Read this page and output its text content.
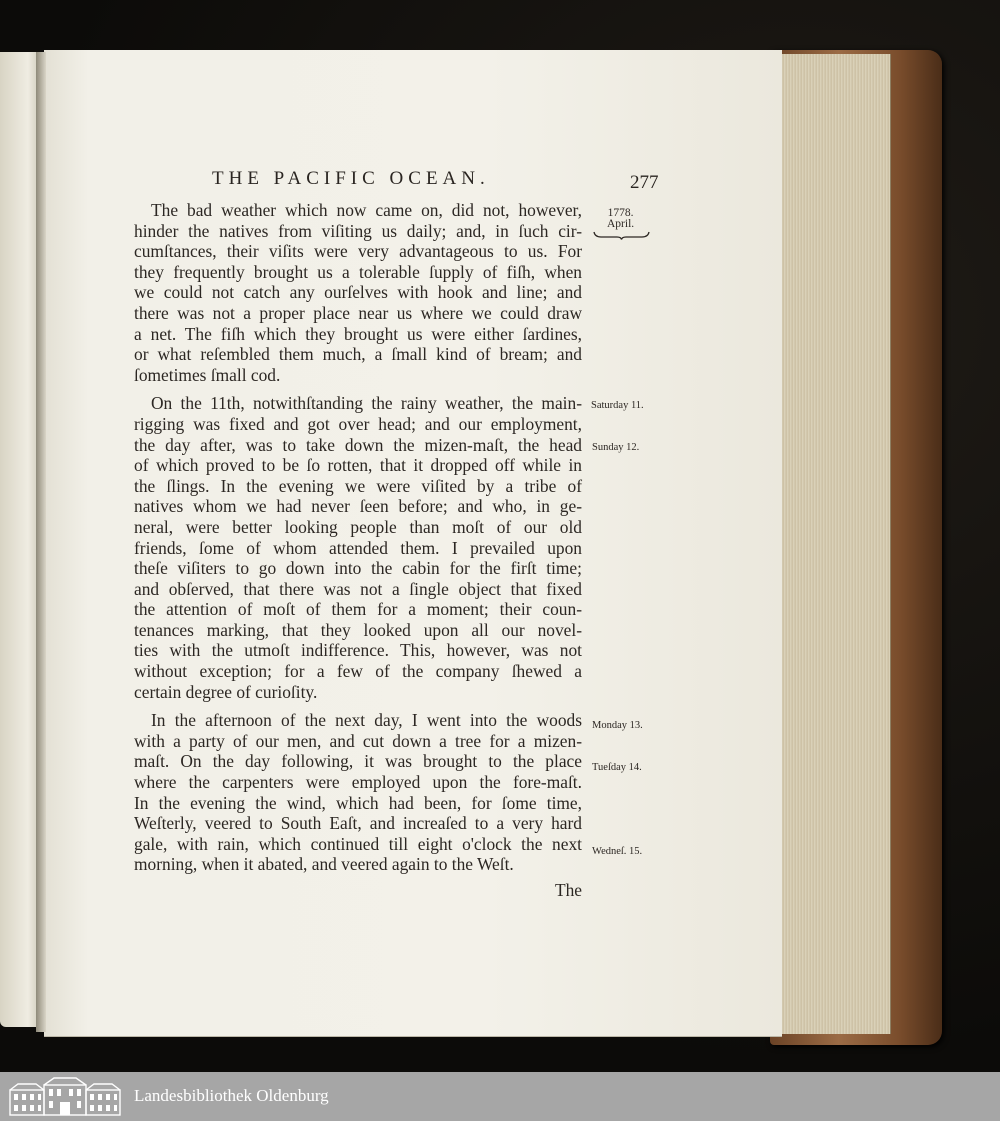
THE PACIFIC OCEAN.	277
1778.
April.
The bad weather which now came on, did not, however,
hinder the natives from viſiting us daily; and, in ſuch cir-
cumſtances, their viſits were very advantageous to us. For
they frequently brought us a tolerable ſupply of fiſh, when
we could not catch any ourſelves with hook and line; and
there was not a proper place near us where we could draw
a net. The fiſh which they brought us were either ſardines,
or what reſembled them much, a ſmall kind of bream; and
ſometimes ſmall cod.
On the 11th, notwithſtanding the rainy weather, the main-
rigging was fixed and got over head; and our employment,
the day after, was to take down the mizen-maſt, the head
of which proved to be ſo rotten, that it dropped off while in
the ſlings. In the evening we were viſited by a tribe of
natives whom we had never ſeen before; and who, in ge-
neral, were better looking people than moſt of our old
friends, ſome of whom attended them. I prevailed upon
theſe viſiters to go down into the cabin for the firſt time;
and obſerved, that there was not a ſingle object that fixed
the attention of moſt of them for a moment; their coun-
tenances marking, that they looked upon all our novel-
ties with the utmoſt indifference. This, however, was not
without exception; for a few of the company ſhewed a
certain degree of curioſity.
In the afternoon of the next day, I went into the woods
with a party of our men, and cut down a tree for a mizen-
maſt. On the day following, it was brought to the place
where the carpenters were employed upon the fore-maſt.
In the evening the wind, which had been, for ſome time,
Weſterly, veered to South Eaſt, and increaſed to a very hard
gale, with rain, which continued till eight o'clock the next
morning, when it abated, and veered again to the Weſt.
The
Saturday 11.
Sunday 12.
Monday 13.
Tueſday 14.
Wedneſ. 15.
Landesbibliothek Oldenburg
